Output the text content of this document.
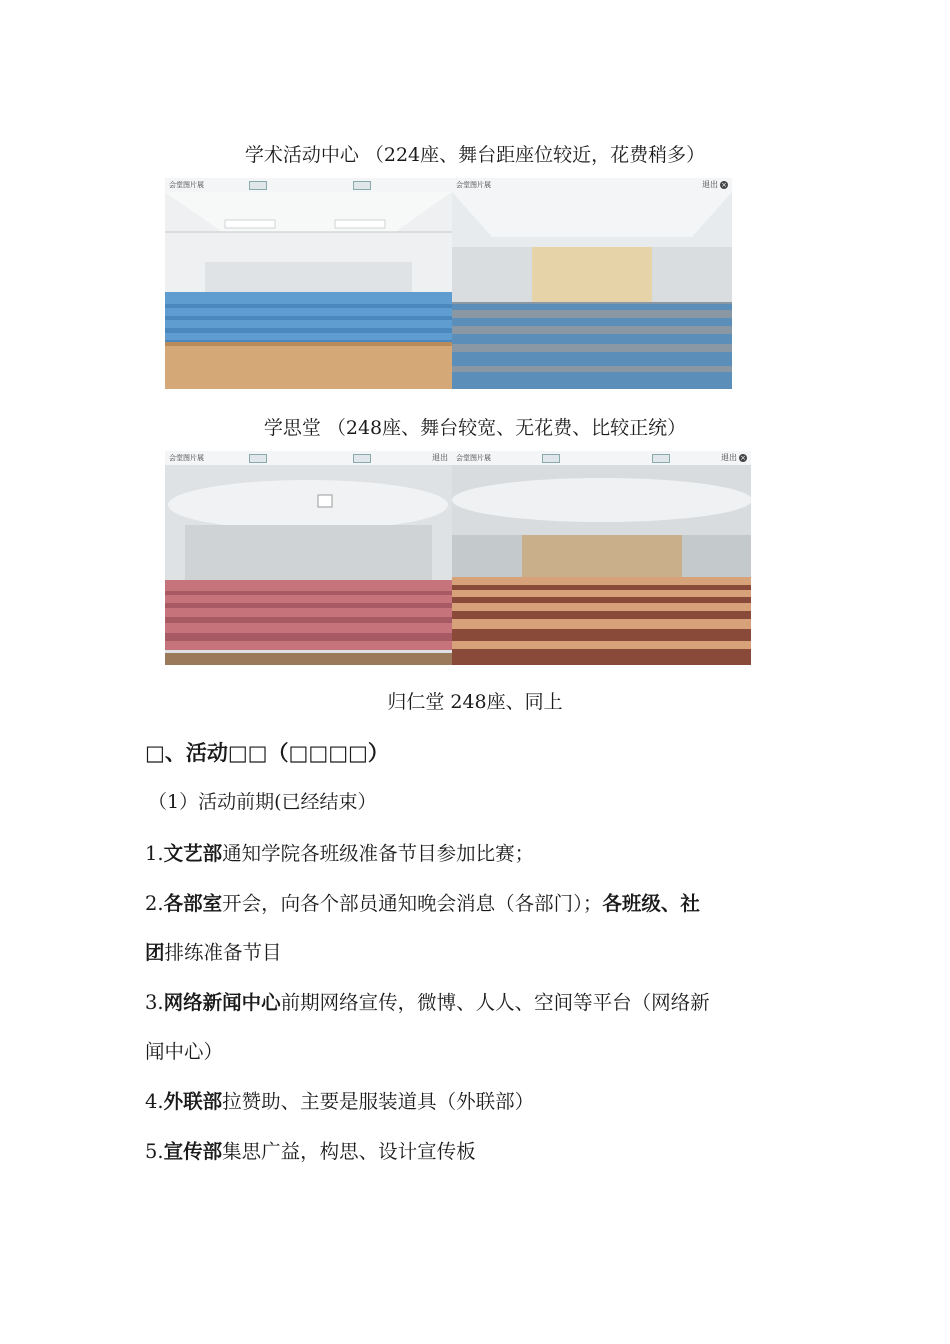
学术活动中心 （224座、舞台距座位较近，花费稍多）
会堂图片展	会堂图片展	退出 ×
学思堂 （248座、舞台较宽、无花费、比较正统）
会堂图片展	退出 会堂图片展	退出 ×
归仁堂 248座、同上
□、活动□□（□□□□）
（1）活动前期(已经结束）
1.文艺部通知学院各班级准备节目参加比赛；
2.各部室开会，向各个部员通知晚会消息（各部门）；各班级、社
团排练准备节目
3.网络新闻中心前期网络宣传，微博、人人、空间等平台（网络新
闻中心）
4.外联部拉赞助、主要是服装道具（外联部）
5.宣传部集思广益，构思、设计宣传板
